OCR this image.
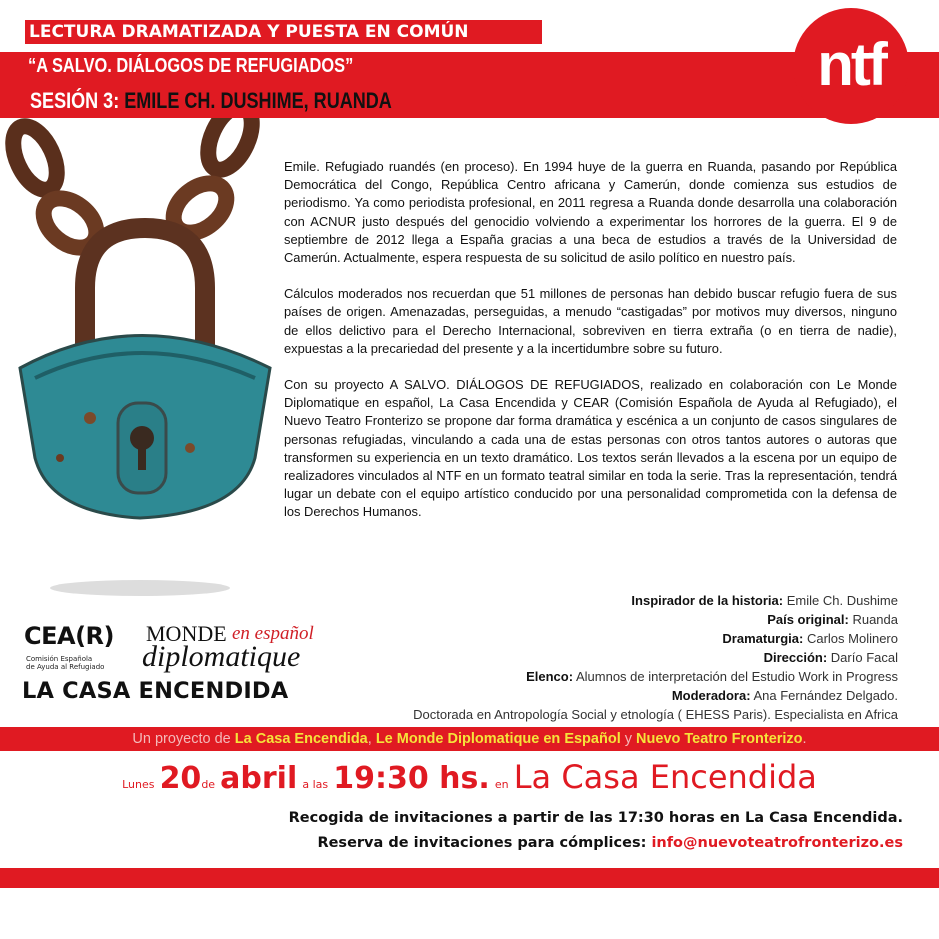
LECTURA DRAMATIZADA Y PUESTA EN COMÚN
“A SALVO. DIÁLOGOS DE REFUGIADOS”
SESIÓN 3: EMILE CH. DUSHIME, RUANDA
ntf

Emile. Refugiado ruandés (en proceso). En 1994 huye de la guerra en Ruanda, pasando por República Democrática del Congo, República Centro africana y Camerún, donde comienza sus estudios de periodismo. Ya como periodista profesional, en 2011 regresa a Ruanda donde desarrolla una colaboración con ACNUR justo después del genocidio volviendo a experimentar los horrores de la guerra. El 9 de septiembre de 2012 llega a España gracias a una beca de estudios a través de la Universidad de Camerún. Actualmente, espera respuesta de su solicitud de asilo político en nuestro país.

Cálculos moderados nos recuerdan que 51 millones de personas han debido buscar refugio fuera de sus países de origen. Amenazadas, perseguidas, a menudo “castigadas” por motivos muy diversos, ninguno de ellos delictivo para el Derecho Internacional, sobreviven en tierra extraña (o en tierra de nadie), expuestas a la precariedad del presente y a la incertidumbre sobre su futuro.

Con su proyecto A SALVO. DIÁLOGOS DE REFUGIADOS, realizado en colaboración con Le Monde Diplomatique en español, La Casa Encendida y CEAR (Comisión Española de Ayuda al Refugiado), el Nuevo Teatro Fronterizo se propone dar forma dramática y escénica a un conjunto de casos singulares de personas refugiadas, vinculando a cada una de estas personas con otros tantos autores o autoras que transformen su experiencia en un texto dramático. Los textos serán llevados a la escena por un equipo de realizadores vinculados al NTF en un formato teatral similar en toda la serie. Tras la representación, tendrá lugar un debate con el equipo artístico conducido por una personalidad comprometida con la defensa de los Derechos Humanos.

Inspirador de la historia: Emile Ch. Dushime
País original: Ruanda
Dramaturgia: Carlos Molinero
Dirección: Darío Facal
Elenco: Alumnos de interpretación del Estudio Work in Progress
Moderadora: Ana Fernández Delgado.
Doctorada en Antropología Social y etnología ( EHESS Paris). Especialista en Africa
CEA(R)
Comisión Española
de Ayuda al Refugiado
MONDE en español
diplomatique
LA CASA ENCENDIDA
Un proyecto de La Casa Encendida, Le Monde Diplomatique en Español y Nuevo Teatro Fronterizo.
Lunes 20de abril a las 19:30 hs. en La Casa Encendida
Recogida de invitaciones a partir de las 17:30 horas en La Casa Encendida.
Reserva de invitaciones para cómplices: info@nuevoteatrofronterizo.es
